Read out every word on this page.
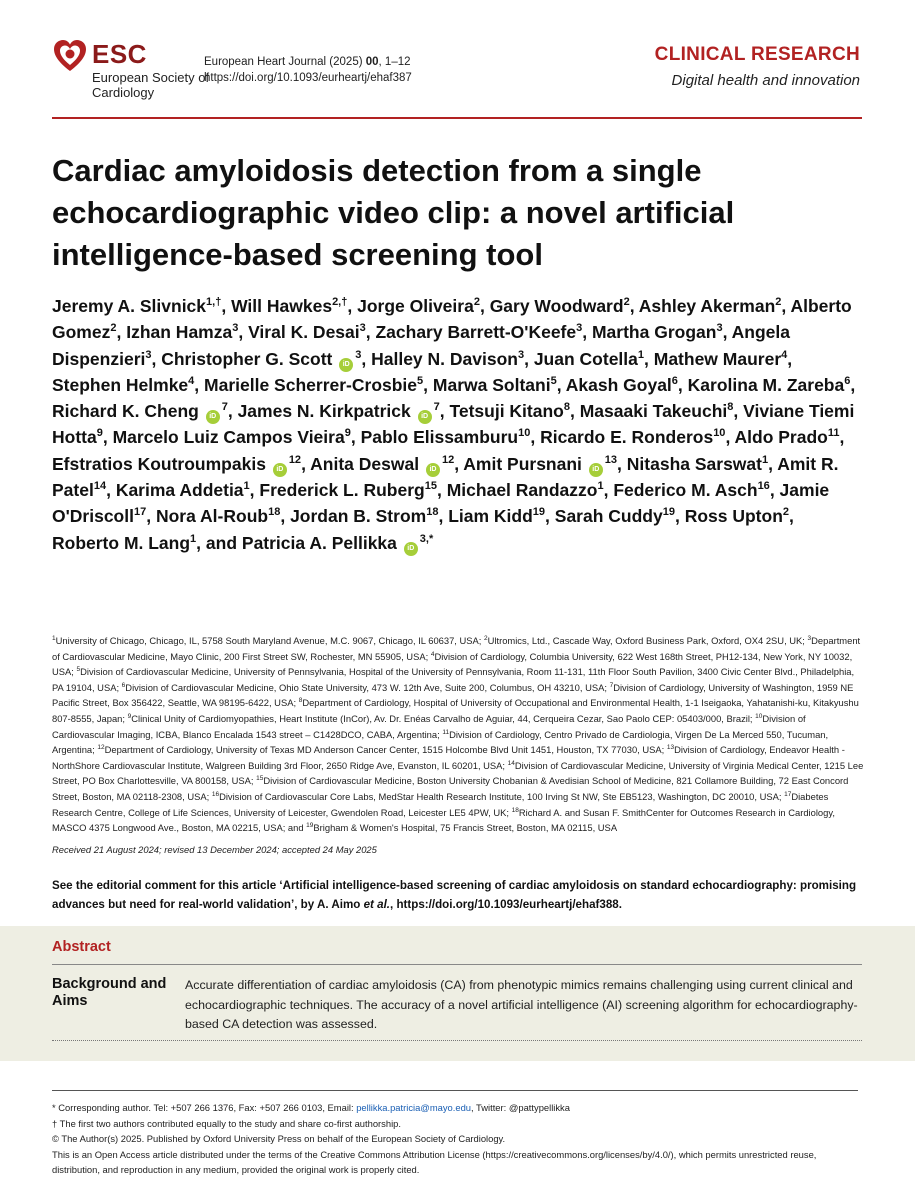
ESC
European Society of Cardiology
European Heart Journal (2025) 00, 1–12
https://doi.org/10.1093/eurheartj/ehaf387
CLINICAL RESEARCH
Digital health and innovation
Cardiac amyloidosis detection from a single echocardiographic video clip: a novel artificial intelligence-based screening tool
Jeremy A. Slivnick$^{1,\dagger}$, Will Hawkes$^{2,\dagger}$, Jorge Oliveira$^2$, Gary Woodward$^2$, Ashley Akerman$^2$, Alberto Gomez$^2$, Izhan Hamza$^3$, Viral K. Desai$^3$, Zachary Barrett-O'Keefe$^3$, Martha Grogan$^3$, Angela Dispenzieri$^3$, Christopher G. Scott $iD^3$, Halley N. Davison$^3$, Juan Cotella$^1$, Mathew Maurer$^4$, Stephen Helmke$^4$, Marielle Scherrer-Crosbie$^5$, Marwa Soltani$^5$, Akash Goyal$^6$, Karolina M. Zareba$^6$, Richard K. Cheng $iD^7$, James N. Kirkpatrick $iD^7$, Tetsuji Kitano$^8$, Masaaki Takeuchi$^8$, Viviane Tiemi Hotta$^9$, Marcelo Luiz Campos Vieira$^9$, Pablo Elissamburu$^{10}$, Ricardo E. Ronderos$^{10}$, Aldo Prado$^{11}$, Efstratios Koutroumpakis $iD^{12}$, Anita Deswal $iD^{12}$, Amit Pursnani $iD^{13}$, Nitasha Sarswat$^1$, Amit R. Patel$^{14}$, Karima Addetia$^1$, Frederick L. Ruberg$^{15}$, Michael Randazzo$^1$, Federico M. Asch$^{16}$, Jamie O'Driscoll$^{17}$, Nora Al-Roub$^{18}$, Jordan B. Strom$^{18}$, Liam Kidd$^{19}$, Sarah Cuddy$^{19}$, Ross Upton$^2$, Roberto M. Lang$^1$, and Patricia A. Pellikka $iD^{3,*}$
$^1$University of Chicago, Chicago, IL, 5758 South Maryland Avenue, M.C. 9067, Chicago, IL 60637, USA; $^2$Ultromics, Ltd., Cascade Way, Oxford Business Park, Oxford, OX4 2SU, UK; $^3$Department of Cardiovascular Medicine, Mayo Clinic, 200 First Street SW, Rochester, MN 55905, USA; $^4$Division of Cardiology, Columbia University, 622 West 168th Street, PH12-134, New York, NY 10032, USA; $^5$Division of Cardiovascular Medicine, University of Pennsylvania, Hospital of the University of Pennsylvania, Room 11-131, 11th Floor South Pavilion, 3400 Civic Center Blvd., Philadelphia, PA 19104, USA; $^6$Division of Cardiovascular Medicine, Ohio State University, 473 W. 12th Ave, Suite 200, Columbus, OH 43210, USA; $^7$Division of Cardiology, University of Washington, 1959 NE Pacific Street, Box 356422, Seattle, WA 98195-6422, USA; $^8$Department of Cardiology, Hospital of University of Occupational and Environmental Health, 1-1 Iseigaoka, Yahatanishi-ku, Kitakyushu 807-8555, Japan; $^9$Clinical Unity of Cardiomyopathies, Heart Institute (InCor), Av. Dr. Enéas Carvalho de Aguiar, 44, Cerqueira Cezar, Sao Paolo CEP: 05403/000, Brazil; $^{10}$Division of Cardiovascular Imaging, ICBA, Blanco Encalada 1543 street – C1428DCO, CABA, Argentina; $^{11}$Division of Cardiology, Centro Privado de Cardiologia, Virgen De La Merced 550, Tucuman, Argentina; $^{12}$Department of Cardiology, University of Texas MD Anderson Cancer Center, 1515 Holcombe Blvd Unit 1451, Houston, TX 77030, USA; $^{13}$Division of Cardiology, Endeavor Health - NorthShore Cardiovascular Institute, Walgreen Building 3rd Floor, 2650 Ridge Ave, Evanston, IL 60201, USA; $^{14}$Division of Cardiovascular Medicine, University of Virginia Medical Center, 1215 Lee Street, PO Box Charlottesville, VA 800158, USA; $^{15}$Division of Cardiovascular Medicine, Boston University Chobanian & Avedisian School of Medicine, 821 Collamore Building, 72 East Concord Street, Boston, MA 02118-2308, USA; $^{16}$Division of Cardiovascular Core Labs, MedStar Health Research Institute, 100 Irving St NW, Ste EB5123, Washington, DC 20010, USA; $^{17}$Diabetes Research Centre, College of Life Sciences, University of Leicester, Gwendolen Road, Leicester LE5 4PW, UK; $^{18}$Richard A. and Susan F. SmithCenter for Outcomes Research in Cardiology, MASCO 4375 Longwood Ave., Boston, MA 02215, USA; and $^{19}$Brigham & Women's Hospital, 75 Francis Street, Boston, MA 02115, USA
Received 21 August 2024; revised 13 December 2024; accepted 24 May 2025
See the editorial comment for this article ‘Artificial intelligence-based screening of cardiac amyloidosis on standard echocardiography: promising advances but need for real-world validation’, by A. Aimo et al., https://doi.org/10.1093/eurheartj/ehaf388.
Abstract
Background and Aims
Accurate differentiation of cardiac amyloidosis (CA) from phenotypic mimics remains challenging using current clinical and echocardiographic techniques. The accuracy of a novel artificial intelligence (AI) screening algorithm for echocardiography-based CA detection was assessed.
* Corresponding author. Tel: +507 266 1376, Fax: +507 266 0103, Email: pellikka.patricia@mayo.edu, Twitter: @pattypellikka
† The first two authors contributed equally to the study and share co-first authorship.
© The Author(s) 2025. Published by Oxford University Press on behalf of the European Society of Cardiology.
This is an Open Access article distributed under the terms of the Creative Commons Attribution License (https://creativecommons.org/licenses/by/4.0/), which permits unrestricted reuse, distribution, and reproduction in any medium, provided the original work is properly cited.
